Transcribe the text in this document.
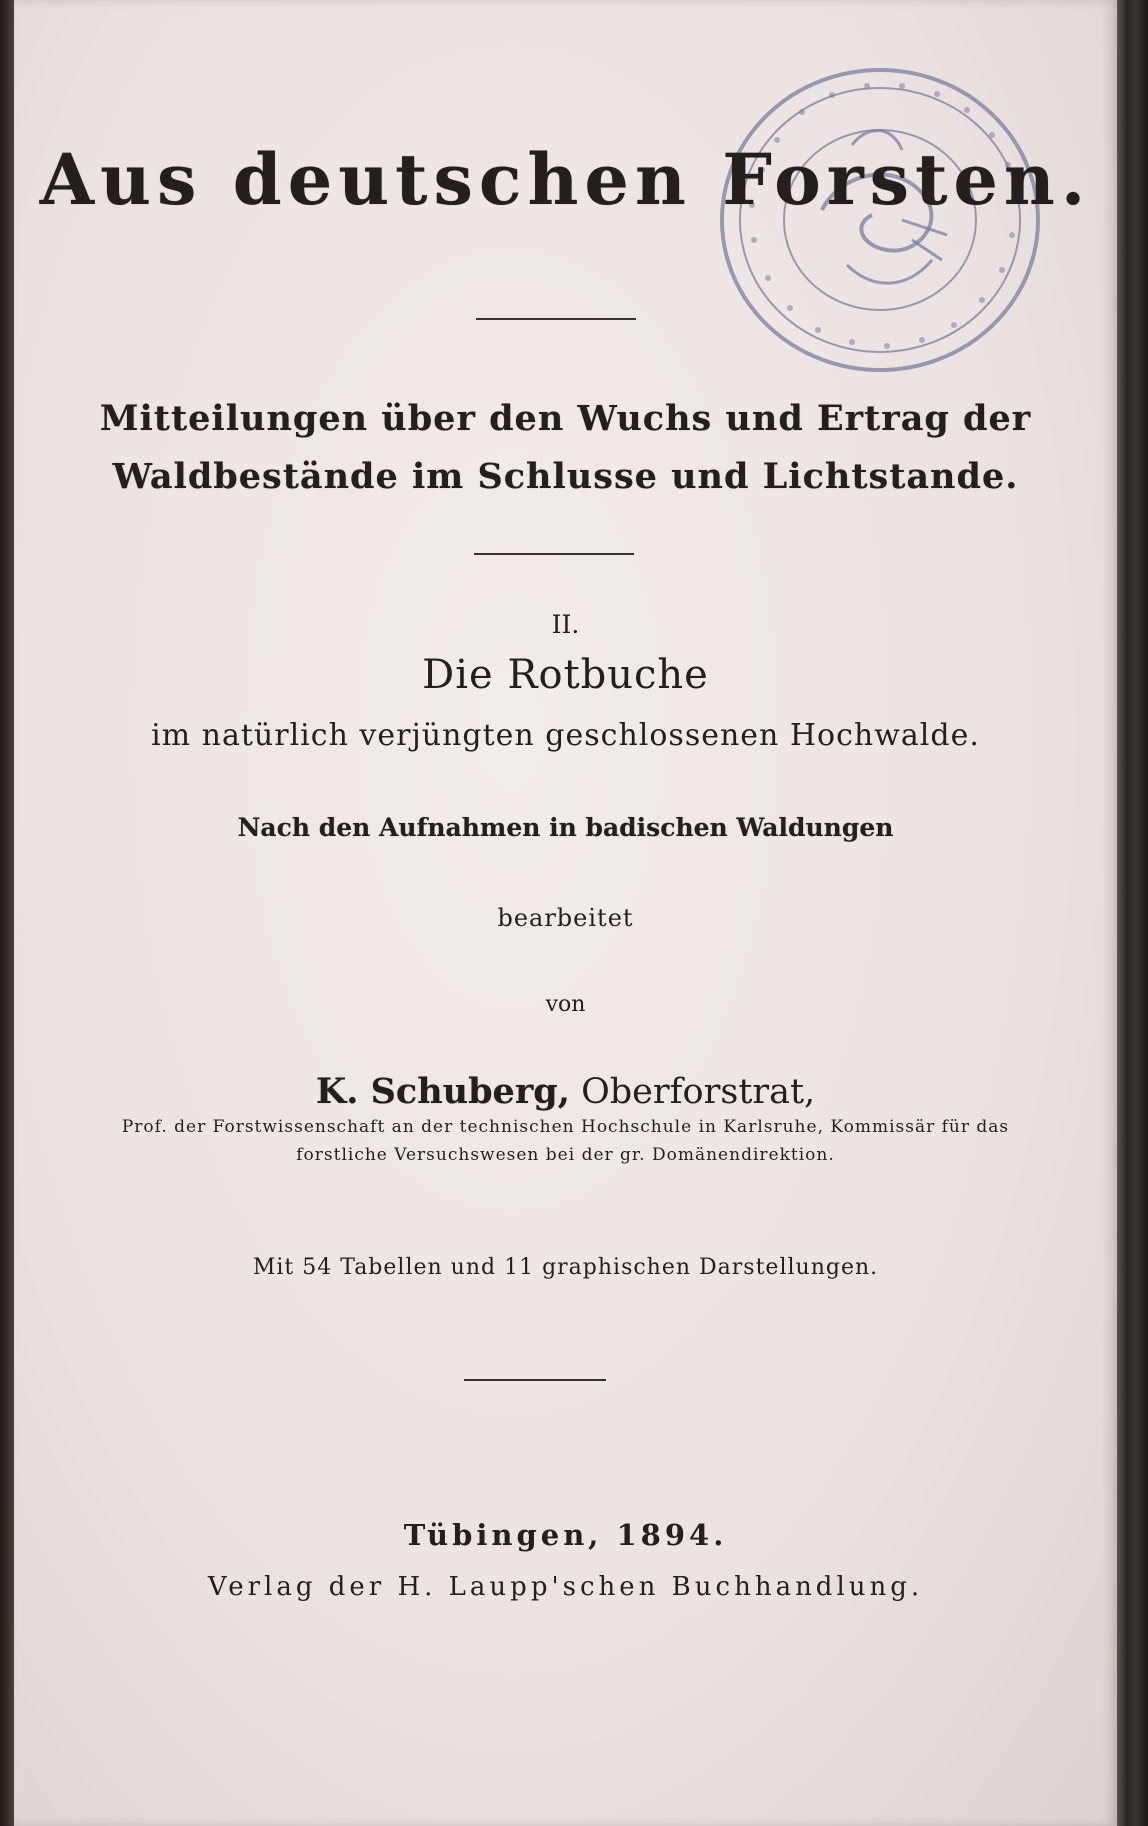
Aus deutschen Forsten.
Mitteilungen über den Wuchs und Ertrag der
Waldbestände im Schlusse und Lichtstande.
II.
Die Rotbuche
im natürlich verjüngten geschlossenen Hochwalde.
Nach den Aufnahmen in badischen Waldungen
bearbeitet
von
K. Schuberg, Oberforstrat,
Prof. der Forstwissenschaft an der technischen Hochschule in Karlsruhe, Kommissär für das
forstliche Versuchswesen bei der gr. Domänendirektion.
Mit 54 Tabellen und 11 graphischen Darstellungen.
Tübingen, 1894.
Verlag der H. Laupp'schen Buchhandlung.
